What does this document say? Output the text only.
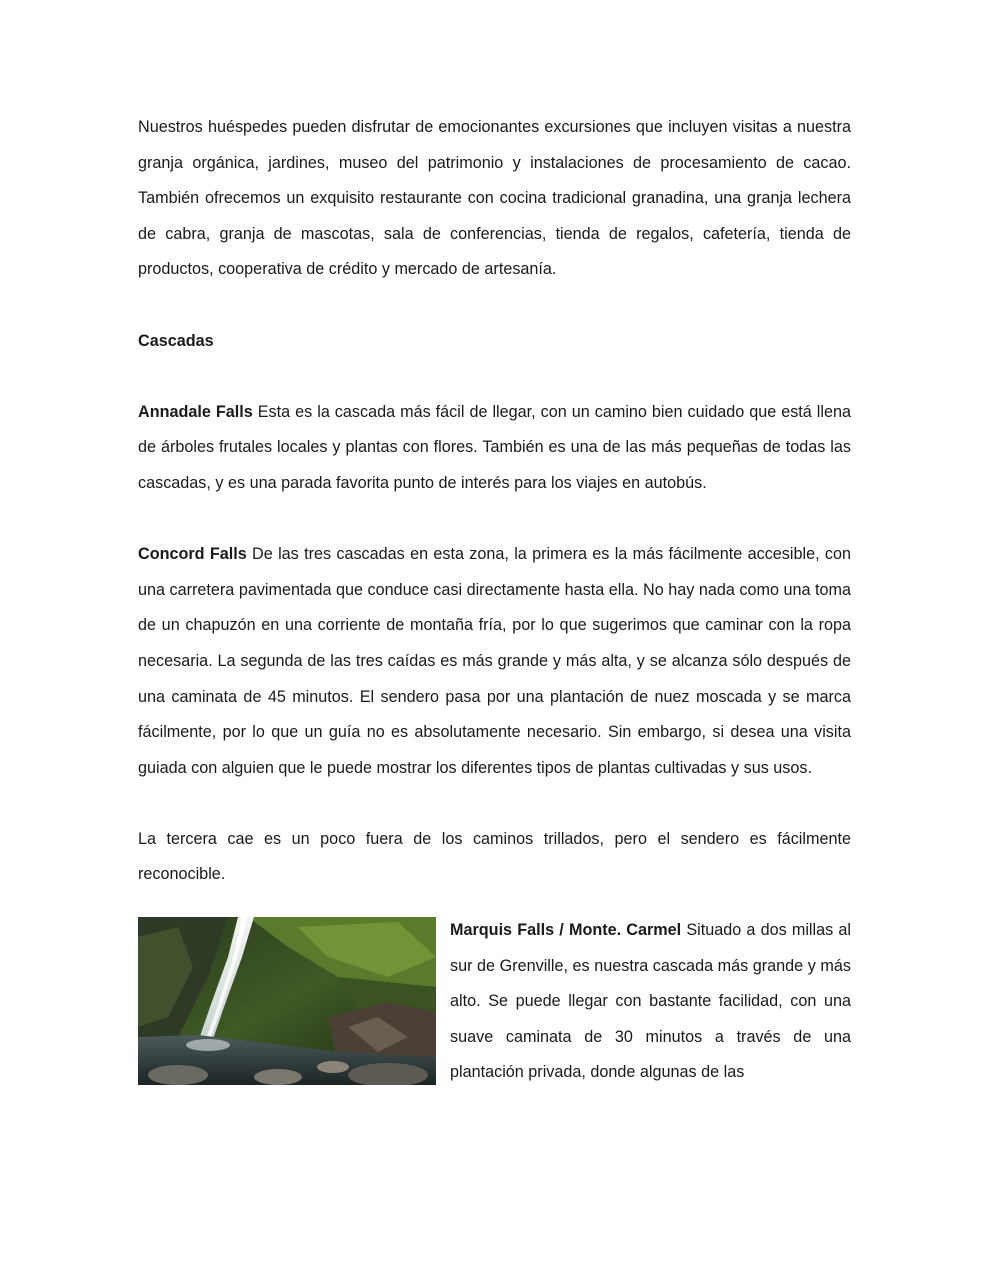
Nuestros huéspedes pueden disfrutar de emocionantes excursiones que incluyen visitas a nuestra granja orgánica, jardines, museo del patrimonio y instalaciones de procesamiento de cacao. También ofrecemos un exquisito restaurante con cocina tradicional granadina, una granja lechera de cabra, granja de mascotas, sala de conferencias, tienda de regalos, cafetería, tienda de productos, cooperativa de crédito y mercado de artesanía.

Cascadas

Annadale Falls Esta es la cascada más fácil de llegar, con un camino bien cuidado que está llena de árboles frutales locales y plantas con flores. También es una de las más pequeñas de todas las cascadas, y es una parada favorita punto de interés para los viajes en autobús.

Concord Falls De las tres cascadas en esta zona, la primera es la más fácilmente accesible, con una carretera pavimentada que conduce casi directamente hasta ella. No hay nada como una toma de un chapuzón en una corriente de montaña fría, por lo que sugerimos que caminar con la ropa necesaria. La segunda de las tres caídas es más grande y más alta, y se alcanza sólo después de una caminata de 45 minutos. El sendero pasa por una plantación de nuez moscada y se marca fácilmente, por lo que un guía no es absolutamente necesario. Sin embargo, si desea una visita guiada con alguien que le puede mostrar los diferentes tipos de plantas cultivadas y sus usos.

La tercera cae es un poco fuera de los caminos trillados, pero el sendero es fácilmente reconocible.

Marquis Falls / Monte. Carmel Situado a dos millas al sur de Grenville, es nuestra cascada más grande y más alto. Se puede llegar con bastante facilidad, con una suave caminata de 30 minutos a través de una plantación privada, donde algunas de las
